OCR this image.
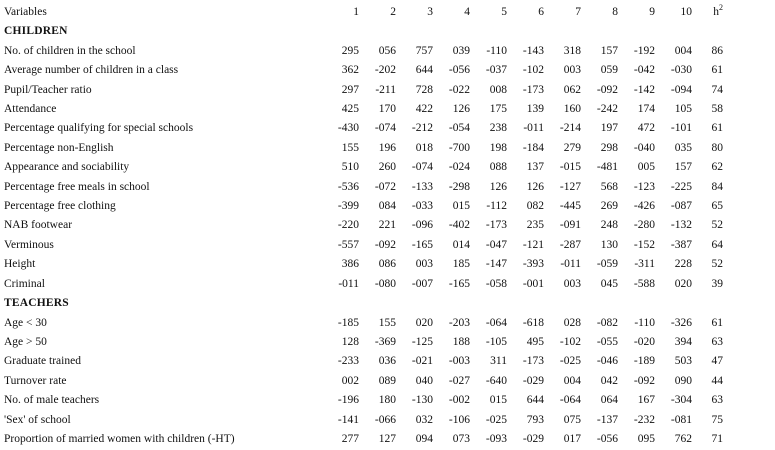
Variables	1	2	3	4	5	6	7	8	9	10	$h^2$
CHILDREN											
No. of children in the school	295	056	757	039	-110	-143	318	157	-192	004	86
Average number of children in a class	362	-202	644	-056	-037	-102	003	059	-042	-030	61
Pupil/Teacher ratio	297	-211	728	-022	008	-173	062	-092	-142	-094	74
Attendance	425	170	422	126	175	139	160	-242	174	105	58
Percentage qualifying for special schools	-430	-074	-212	-054	238	-011	-214	197	472	-101	61
Percentage non-English	155	196	018	-700	198	-184	279	298	-040	035	80
Appearance and sociability	510	260	-074	-024	088	137	-015	-481	005	157	62
Percentage free meals in school	-536	-072	-133	-298	126	126	-127	568	-123	-225	84
Percentage free clothing	-399	084	-033	015	-112	082	-445	269	-426	-087	65
NAB footwear	-220	221	-096	-402	-173	235	-091	248	-280	-132	52
Verminous	-557	-092	-165	014	-047	-121	-287	130	-152	-387	64
Height	386	086	003	185	-147	-393	-011	-059	-311	228	52
Criminal	-011	-080	-007	-165	-058	-001	003	045	-588	020	39
TEACHERS											
Age < 30	-185	155	020	-203	-064	-618	028	-082	-110	-326	61
Age > 50	128	-369	-125	188	-105	495	-102	-055	-020	394	63
Graduate trained	-233	036	-021	-003	311	-173	-025	-046	-189	503	47
Turnover rate	002	089	040	-027	-640	-029	004	042	-092	090	44
No. of male teachers	-196	180	-130	-002	015	644	-064	064	167	-304	63
'Sex' of school	-141	-066	032	-106	-025	793	075	-137	-232	-081	75
Proportion of married women with children (-HT)	277	127	094	073	-093	-029	017	-056	095	762	71
